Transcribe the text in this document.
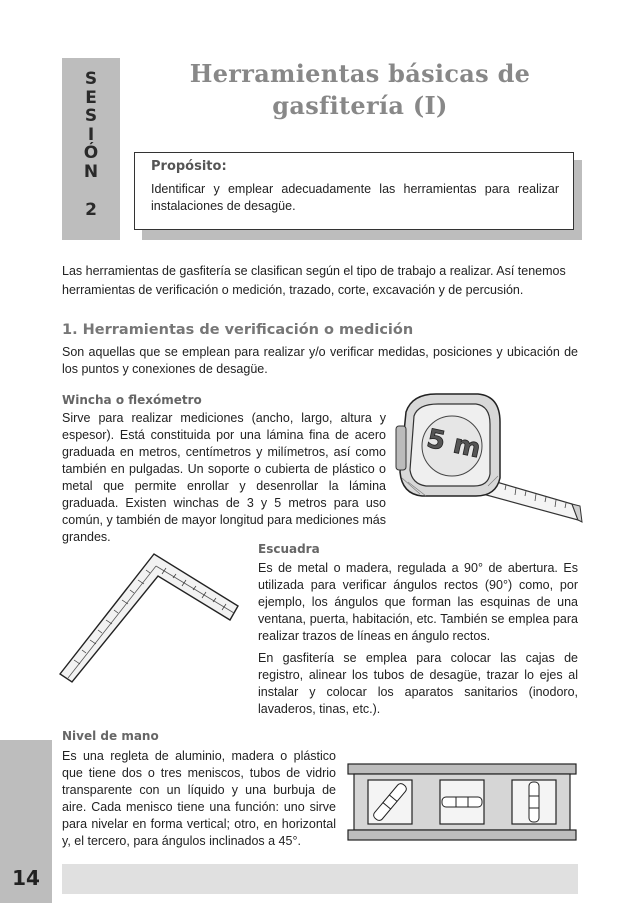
S
E
S
I
Ó
N
2
Herramientas básicas de
gasfitería (I)
Propósito:
Identificar y emplear adecuadamente las herramientas para realizar instalaciones de desagüe.
Las herramientas de gasfitería se clasifican según el tipo de trabajo a realizar. Así tenemos
herramientas de verificación o medición, trazado, corte, excavación y de percusión.
1. Herramientas de verificación o medición
Son aquellas que se emplean para realizar y/o verificar medidas, posiciones y ubicación de los puntos y conexiones de desagüe.
Wincha o flexómetro
Sirve para realizar mediciones (ancho, largo, altura y espesor). Está constituida por una lámina fina de acero graduada en metros, centímetros y milímetros, así como también en pulgadas. Un soporte o cubierta de plástico o metal que permite enrollar y desenrollar la lámina graduada. Existen winchas de 3 y 5 metros para uso común, y también de mayor longitud para mediciones más grandes.
5 m
Escuadra
Es de metal o madera, regulada a 90° de abertura. Es utilizada para verificar ángulos rectos (90°) como, por ejemplo, los ángulos que forman las esquinas de una ventana, puerta, habitación, etc. También se emplea para realizar trazos de líneas en ángulo rectos.
En gasfitería se emplea para colocar las cajas de registro, alinear los tubos de desagüe, trazar lo ejes al instalar y colocar los aparatos sanitarios (inodoro, lavaderos, tinas, etc.).
Nivel de mano
Es una regleta de aluminio, madera o plástico que tiene dos o tres meniscos, tubos de vidrio transparente con un líquido y una burbuja de aire. Cada menisco tiene una función: uno sirve para nivelar en forma vertical; otro, en horizontal y, el tercero, para ángulos inclinados a 45°.
14
